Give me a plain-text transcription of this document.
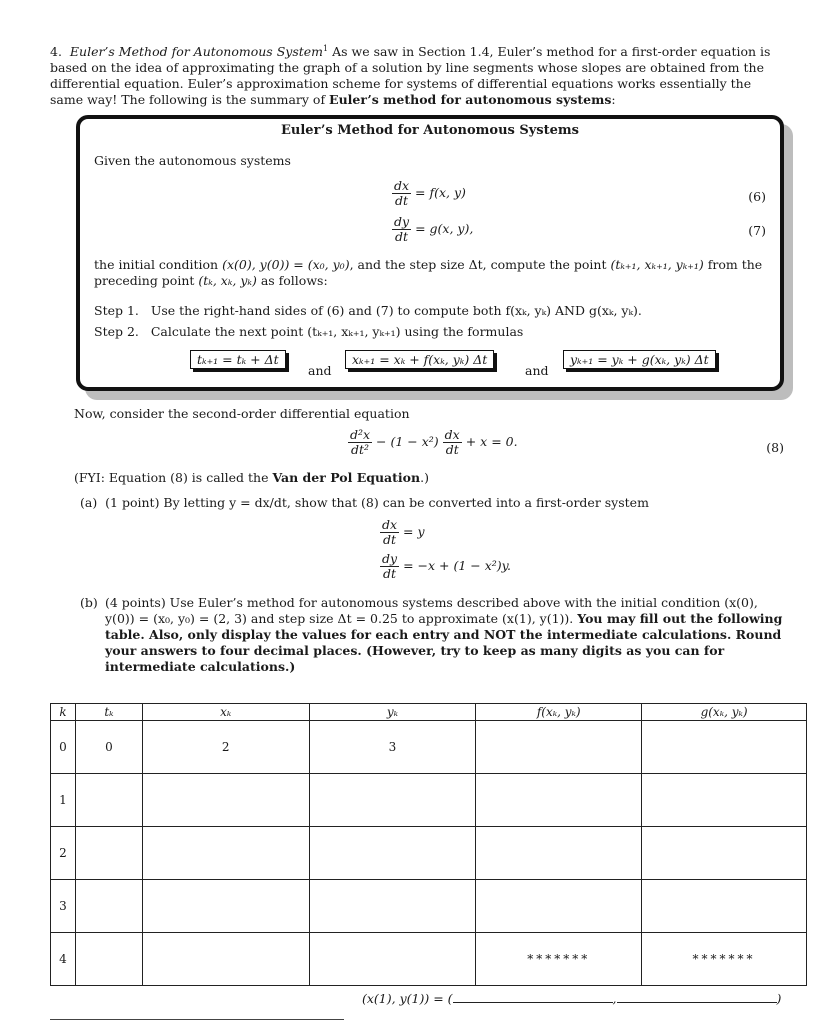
4. Euler’s Method for Autonomous System$^1$ As we saw in Section 1.4, Euler’s method for a first-order equation is based on the idea of approximating the graph of a solution by line segments whose slopes are obtained from the differential equation. Euler’s approximation scheme for systems of differential equations works essentially the same way! The following is the summary of Euler’s method for autonomous systems:
Euler’s Method for Autonomous Systems
Given the autonomous systems
$\frac{dx}{dt} = f(x$, y)	(6)
$\frac{dy}{dt} = g(x$, y),	(7)
the initial condition (x(0), y(0)) = (x₀, y₀), and the step size Δt, compute the point (tₖ₊₁, xₖ₊₁, yₖ₊₁) from the preceding point (tₖ, xₖ, yₖ) as follows:
Step 1. Use the right-hand sides of (6) and (7) to compute both f(xₖ, yₖ) AND g(xₖ, yₖ).
Step 2. Calculate the next point (tₖ₊₁, xₖ₊₁, yₖ₊₁) using the formulas
tₖ₊₁ = tₖ + Δt
and
xₖ₊₁ = xₖ + f(xₖ, yₖ) Δt
and
yₖ₊₁ = yₖ + g(xₖ, yₖ) Δt
Now, consider the second-order differential equation
$\frac{\text{d²x}}{\text{dt²}} - (1 - x^2) \frac{dx}{dt} + x = 0$.	(8)
(FYI: Equation (8) is called the Van der Pol Equation.)
(a) (1 point) By letting y = dx/dt, show that (8) can be converted into a first-order system
$\frac{dx}{dt} = y$
$\frac{dy}{dt} = -x + (1 - x^2)y$.
(b) (4 points) Use Euler’s method for autonomous systems described above with the initial condition (x(0), y(0)) = (x₀, y₀) = (2, 3) and step size Δt = 0.25 to approximate (x(1), y(1)). You may fill out the following table. Also, only display the values for each entry and NOT the intermediate calculations. Round your answers to four decimal places. (However, try to keep as many digits as you can for intermediate calculations.)
k	tₖ	xₖ	yₖ	f(xₖ, yₖ)	g(xₖ, yₖ)
0	0	2	3		
1					
2					
3					
4				*******	*******
(x(1), y(1)) = (	,	)
